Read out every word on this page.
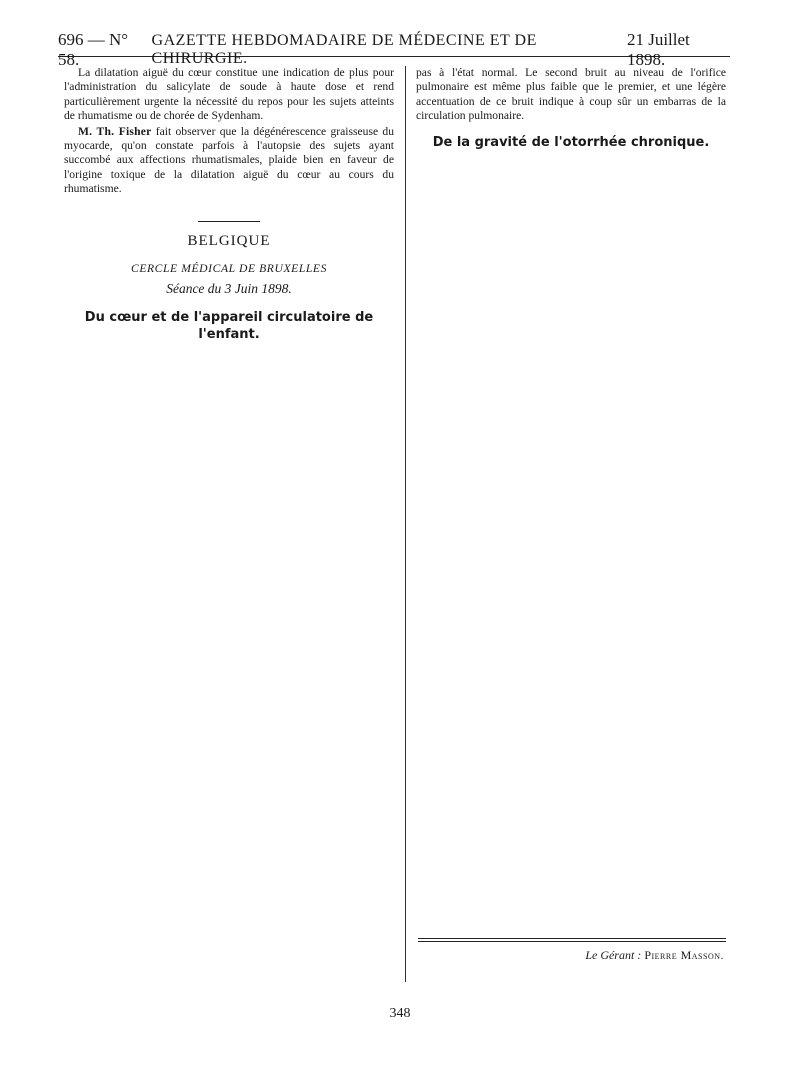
696 — N° 58.
GAZETTE HEBDOMADAIRE DE MÉDECINE ET DE CHIRURGIE.
21 Juillet 1898.

La dilatation aiguë du cœur constitue une indication de plus pour l'administration du salicylate de soude à haute dose et rend particulièrement urgente la nécessité du repos pour les sujets atteints de rhumatisme ou de chorée de Sydenham.

M. Th. Fisher fait observer que la dégénérescence graisseuse du myocarde, qu'on constate parfois à l'autopsie des sujets ayant succombé aux affections rhumatismales, plaide bien en faveur de l'origine toxique de la dilatation aiguë du cœur au cours du rhumatisme.

BELGIQUE
CERCLE MÉDICAL DE BRUXELLES
Séance du 3 Juin 1898.
Du cœur et de l'appareil circulatoire de l'enfant.

pas à l'état normal. Le second bruit au niveau de l'orifice pulmonaire est même plus faible que le premier, et une légère accentuation de ce bruit indique à coup sûr un embarras de la circulation pulmonaire.

De la gravité de l'otorrhée chronique.
Le Gérant : Pierre Masson.
348
